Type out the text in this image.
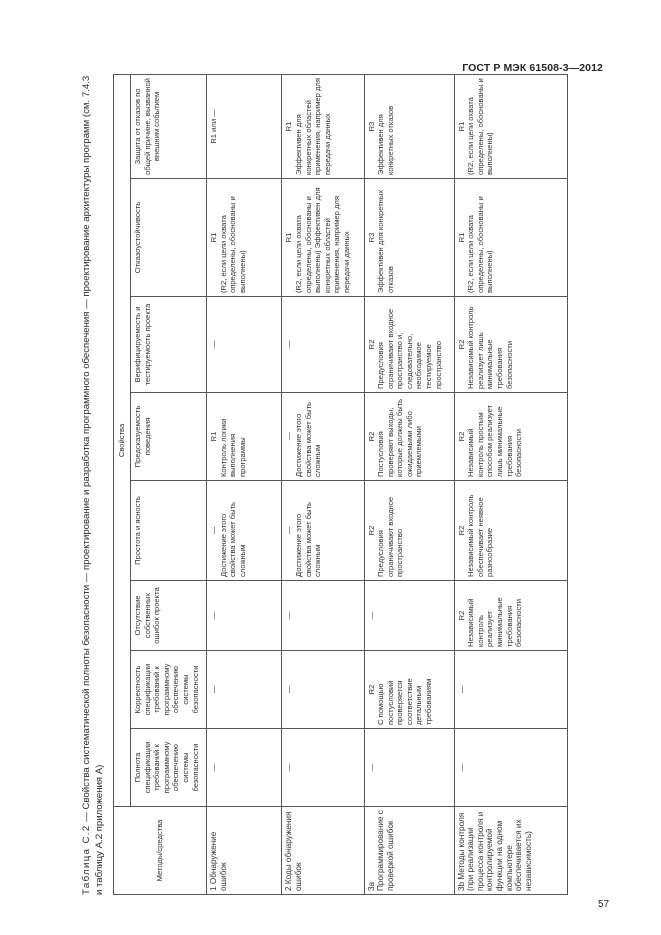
ГОСТ Р МЭК 61508-3—2012
Таблица С.2 — Свойства систематической полноты безопасности — проектирование и разработка программного обеспечения — проектирование архитектуры программ (см. 7.4.3 и таблицу А.2 приложения А)	Методы/средства	Свойства							

	Полнота спецификации требований к программному обеспечению системы безопасности	Корректность спецификации требований к программному обеспечению системы безопасности	Отсутствие собственных ошибок проекта	Простота и ясность	Предсказуемость поведения	Верифицируемость и тестируемость проекта	Отказоустойчивость	Защита от отказов по общей причине, вызванной внешним событием

1 Обнаружение ошибок	—	—	—	— Достижение этого свойства может быть сложным	R1 Контроль логики выполнения программы	—	R1 (R2, если цели охвата определены, обоснованы и выполнены)	R1 или —

2 Коды обнаружения ошибок	—	—	—	— Достижение этого свойства может быть сложным	— Достижение этого свойства может быть сложным	—	R1 (R2, если цели охвата определены, обоснованы и выполнены) Эффективен для конкретных областей применения, например для передачи данных	R1 Эффективен для конкретных областей применения, например для передачи данных

3а Программирование с проверкой ошибок	—	R2 С помощью постусловий проверяется соответствие детальным требованиям	—	R2 Предусловия ограничивают входное пространство	R2 Постусловия проверяют выходы, которые должны быть ожидаемыми либо приемлемыми	R2 Предусловия ограничивают входное пространство и, следовательно, необходимое тестируемое пространство	R3 Эффективен для конкретных отказов	R3 Эффективен для конкретных отказов

3b Методы контроля (при реализации процесса контроля и контролируемой функции на одном компьютере обеспечивается их независимость)	—	—	R2 Независимый контроль реализует минимальные требования безопасности	R2 Независимый контроль обеспечивает неявное разнообразие	R2 Независимый контроль простым способом реализует лишь минимальные требования безопасности	R2 Независимый контроль реализует лишь минимальные требования безопасности	R1 (R2, если цели охвата определены, обоснованы и выполнены)	R1 (R2, если цели охвата определены, обоснованы и выполнены)
57
